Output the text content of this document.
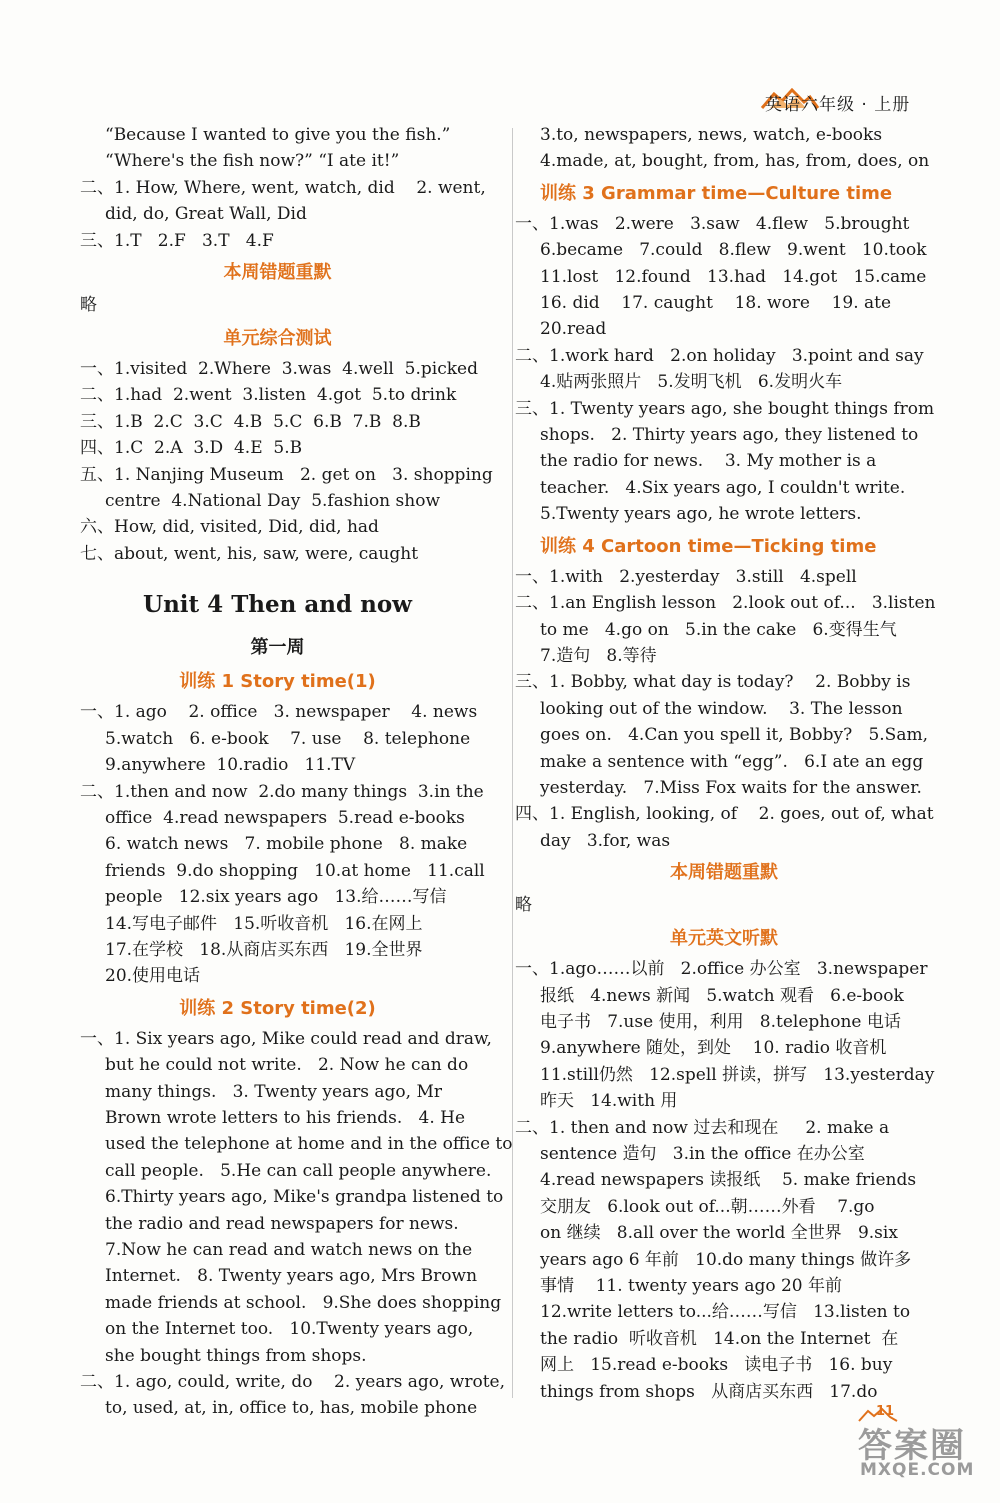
英语六年级 · 上册
“Because I wanted to give you the fish.”
“Where's the fish now?” “I ate it!”
二、1. How, Where, went, watch, did    2. went,
did, do, Great Wall, Did
三、1.T   2.F   3.T   4.F
本周错题重默
略
单元综合测试
一、1.visited  2.Where  3.was  4.well  5.picked
二、1.had  2.went  3.listen  4.got  5.to drink
三、1.B  2.C  3.C  4.B  5.C  6.B  7.B  8.B
四、1.C  2.A  3.D  4.E  5.B
五、1. Nanjing Museum   2. get on   3. shopping
centre  4.National Day  5.fashion show
六、How, did, visited, Did, did, had
七、about, went, his, saw, were, caught
Unit 4 Then and now
第一周
训练 1 Story time(1)
一、1. ago    2. office   3. newspaper    4. news
5.watch   6. e-book    7. use    8. telephone
9.anywhere  10.radio   11.TV
二、1.then and now  2.do many things  3.in the
office  4.read newspapers  5.read e-books
6. watch news   7. mobile phone   8. make
friends  9.do shopping   10.at home   11.call
people   12.six years ago   13.给……写信
14.写电子邮件   15.听收音机   16.在网上
17.在学校   18.从商店买东西   19.全世界
20.使用电话
训练 2 Story time(2)
一、1. Six years ago, Mike could read and draw,
but he could not write.   2. Now he can do
many things.   3. Twenty years ago, Mr
Brown wrote letters to his friends.   4. He
used the telephone at home and in the office to
call people.   5.He can call people anywhere.
6.Thirty years ago, Mike's grandpa listened to
the radio and read newspapers for news.
7.Now he can read and watch news on the
Internet.   8. Twenty years ago, Mrs Brown
made friends at school.   9.She does shopping
on the Internet too.   10.Twenty years ago,
she bought things from shops.
二、1. ago, could, write, do    2. years ago, wrote,
to, used, at, in, office to, has, mobile phone
3.to, newspapers, news, watch, e-books
4.made, at, bought, from, has, from, does, on
训练 3 Grammar time—Culture time
一、1.was   2.were   3.saw   4.flew   5.brought
6.became   7.could   8.flew   9.went   10.took
11.lost   12.found   13.had   14.got   15.came
16. did    17. caught    18. wore    19. ate
20.read
二、1.work hard   2.on holiday   3.point and say
4.贴两张照片   5.发明飞机   6.发明火车
三、1. Twenty years ago, she bought things from
shops.   2. Thirty years ago, they listened to
the radio for news.    3. My mother is a
teacher.   4.Six years ago, I couldn't write.
5.Twenty years ago, he wrote letters.
训练 4 Cartoon time—Ticking time
一、1.with   2.yesterday   3.still   4.spell
二、1.an English lesson   2.look out of...   3.listen
to me   4.go on   5.in the cake   6.变得生气
7.造句   8.等待
三、1. Bobby, what day is today?    2. Bobby is
looking out of the window.    3. The lesson
goes on.   4.Can you spell it, Bobby?   5.Sam,
make a sentence with “egg”.   6.I ate an egg
yesterday.   7.Miss Fox waits for the answer.
四、1. English, looking, of    2. goes, out of, what
day   3.for, was
本周错题重默
略
单元英文听默
一、1.ago……以前   2.office 办公室   3.newspaper
报纸   4.news 新闻   5.watch 观看   6.e-book
电子书   7.use 使用，利用   8.telephone 电话
9.anywhere 随处，到处    10. radio 收音机
11.still仍然   12.spell 拼读，拼写   13.yesterday
昨天   14.with 用
二、1. then and now 过去和现在     2. make a
sentence 造句   3.in the office 在办公室
4.read newspapers 读报纸    5. make friends
交朋友   6.look out of...朝……外看    7.go
on 继续   8.all over the world 全世界   9.six
years ago 6 年前   10.do many things 做许多
事情    11. twenty years ago 20 年前
12.write letters to...给……写信   13.listen to
the radio  听收音机   14.on the Internet  在
网上   15.read e-books   读电子书   16. buy
things from shops   从商店买东西   17.do
答案圈
MXQE.COM
11
